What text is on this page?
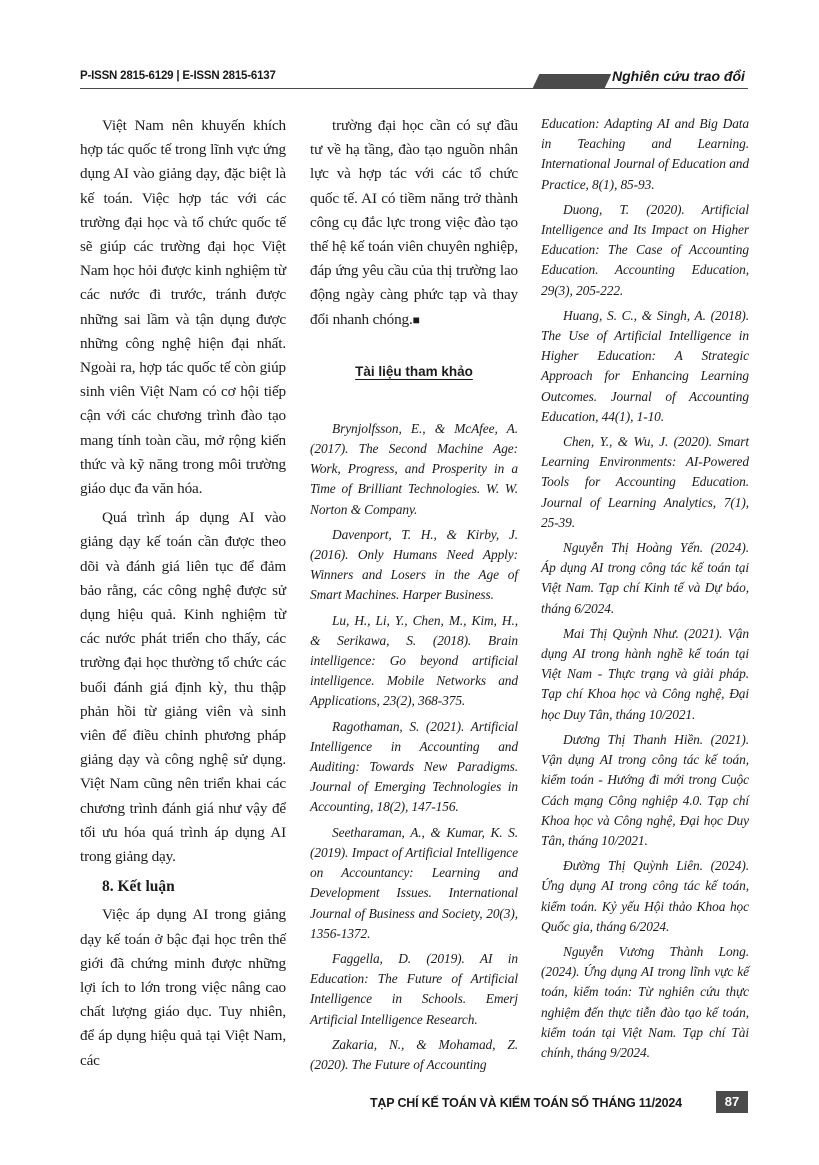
P-ISSN 2815-6129 | E-ISSN 2815-6137	Nghiên cứu trao đổi

Việt Nam nên khuyến khích hợp tác quốc tế trong lĩnh vực ứng dụng AI vào giảng dạy, đặc biệt là kế toán. Việc hợp tác với các trường đại học và tổ chức quốc tế sẽ giúp các trường đại học Việt Nam học hỏi được kinh nghiệm từ các nước đi trước, tránh được những sai lầm và tận dụng được những công nghệ hiện đại nhất. Ngoài ra, hợp tác quốc tế còn giúp sinh viên Việt Nam có cơ hội tiếp cận với các chương trình đào tạo mang tính toàn cầu, mở rộng kiến thức và kỹ năng trong môi trường giáo dục đa văn hóa.

Quá trình áp dụng AI vào giảng dạy kế toán cần được theo dõi và đánh giá liên tục để đảm bảo rằng, các công nghệ được sử dụng hiệu quả. Kinh nghiệm từ các nước phát triển cho thấy, các trường đại học thường tổ chức các buổi đánh giá định kỳ, thu thập phản hồi từ giảng viên và sinh viên để điều chỉnh phương pháp giảng dạy và công nghệ sử dụng. Việt Nam cũng nên triển khai các chương trình đánh giá như vậy để tối ưu hóa quá trình áp dụng AI trong giảng dạy.

8. Kết luận

Việc áp dụng AI trong giảng dạy kế toán ở bậc đại học trên thế giới đã chứng minh được những lợi ích to lớn trong việc nâng cao chất lượng giáo dục. Tuy nhiên, để áp dụng hiệu quả tại Việt Nam, các

trường đại học cần có sự đầu tư về hạ tầng, đào tạo nguồn nhân lực và hợp tác với các tổ chức quốc tế. AI có tiềm năng trở thành công cụ đắc lực trong việc đào tạo thế hệ kế toán viên chuyên nghiệp, đáp ứng yêu cầu của thị trường lao động ngày càng phức tạp và thay đổi nhanh chóng.■

Tài liệu tham khảo

Brynjolfsson, E., & McAfee, A. (2017). The Second Machine Age: Work, Progress, and Prosperity in a Time of Brilliant Technologies. W. W. Norton & Company.

Davenport, T. H., & Kirby, J. (2016). Only Humans Need Apply: Winners and Losers in the Age of Smart Machines. Harper Business.

Lu, H., Li, Y., Chen, M., Kim, H., & Serikawa, S. (2018). Brain intelligence: Go beyond artificial intelligence. Mobile Networks and Applications, 23(2), 368-375.

Ragothaman, S. (2021). Artificial Intelligence in Accounting and Auditing: Towards New Paradigms. Journal of Emerging Technologies in Accounting, 18(2), 147-156.

Seetharaman, A., & Kumar, K. S. (2019). Impact of Artificial Intelligence on Accountancy: Learning and Development Issues. International Journal of Business and Society, 20(3), 1356-1372.

Faggella, D. (2019). AI in Education: The Future of Artificial Intelligence in Schools. Emerj Artificial Intelligence Research.

Zakaria, N., & Mohamad, Z. (2020). The Future of Accounting

Education: Adapting AI and Big Data in Teaching and Learning. International Journal of Education and Practice, 8(1), 85-93.

Duong, T. (2020). Artificial Intelligence and Its Impact on Higher Education: The Case of Accounting Education. Accounting Education, 29(3), 205-222.

Huang, S. C., & Singh, A. (2018). The Use of Artificial Intelligence in Higher Education: A Strategic Approach for Enhancing Learning Outcomes. Journal of Accounting Education, 44(1), 1-10.

Chen, Y., & Wu, J. (2020). Smart Learning Environments: AI-Powered Tools for Accounting Education. Journal of Learning Analytics, 7(1), 25-39.

Nguyễn Thị Hoàng Yến. (2024). Áp dụng AI trong công tác kế toán tại Việt Nam. Tạp chí Kinh tế và Dự báo, tháng 6/2024.

Mai Thị Quỳnh Như. (2021). Vận dụng AI trong hành nghề kế toán tại Việt Nam - Thực trạng và giải pháp. Tạp chí Khoa học và Công nghệ, Đại học Duy Tân, tháng 10/2021.

Dương Thị Thanh Hiền. (2021). Vận dụng AI trong công tác kế toán, kiểm toán - Hướng đi mới trong Cuộc Cách mạng Công nghiệp 4.0. Tạp chí Khoa học và Công nghệ, Đại học Duy Tân, tháng 10/2021.

Đường Thị Quỳnh Liên. (2024). Ứng dụng AI trong công tác kế toán, kiểm toán. Kỷ yếu Hội thảo Khoa học Quốc gia, tháng 6/2024.

Nguyễn Vương Thành Long. (2024). Ứng dụng AI trong lĩnh vực kế toán, kiểm toán: Từ nghiên cứu thực nghiệm đến thực tiễn đào tạo kế toán, kiểm toán tại Việt Nam. Tạp chí Tài chính, tháng 9/2024.

TẠP CHÍ KẾ TOÁN VÀ KIỂM TOÁN SỐ THÁNG 11/2024	87
